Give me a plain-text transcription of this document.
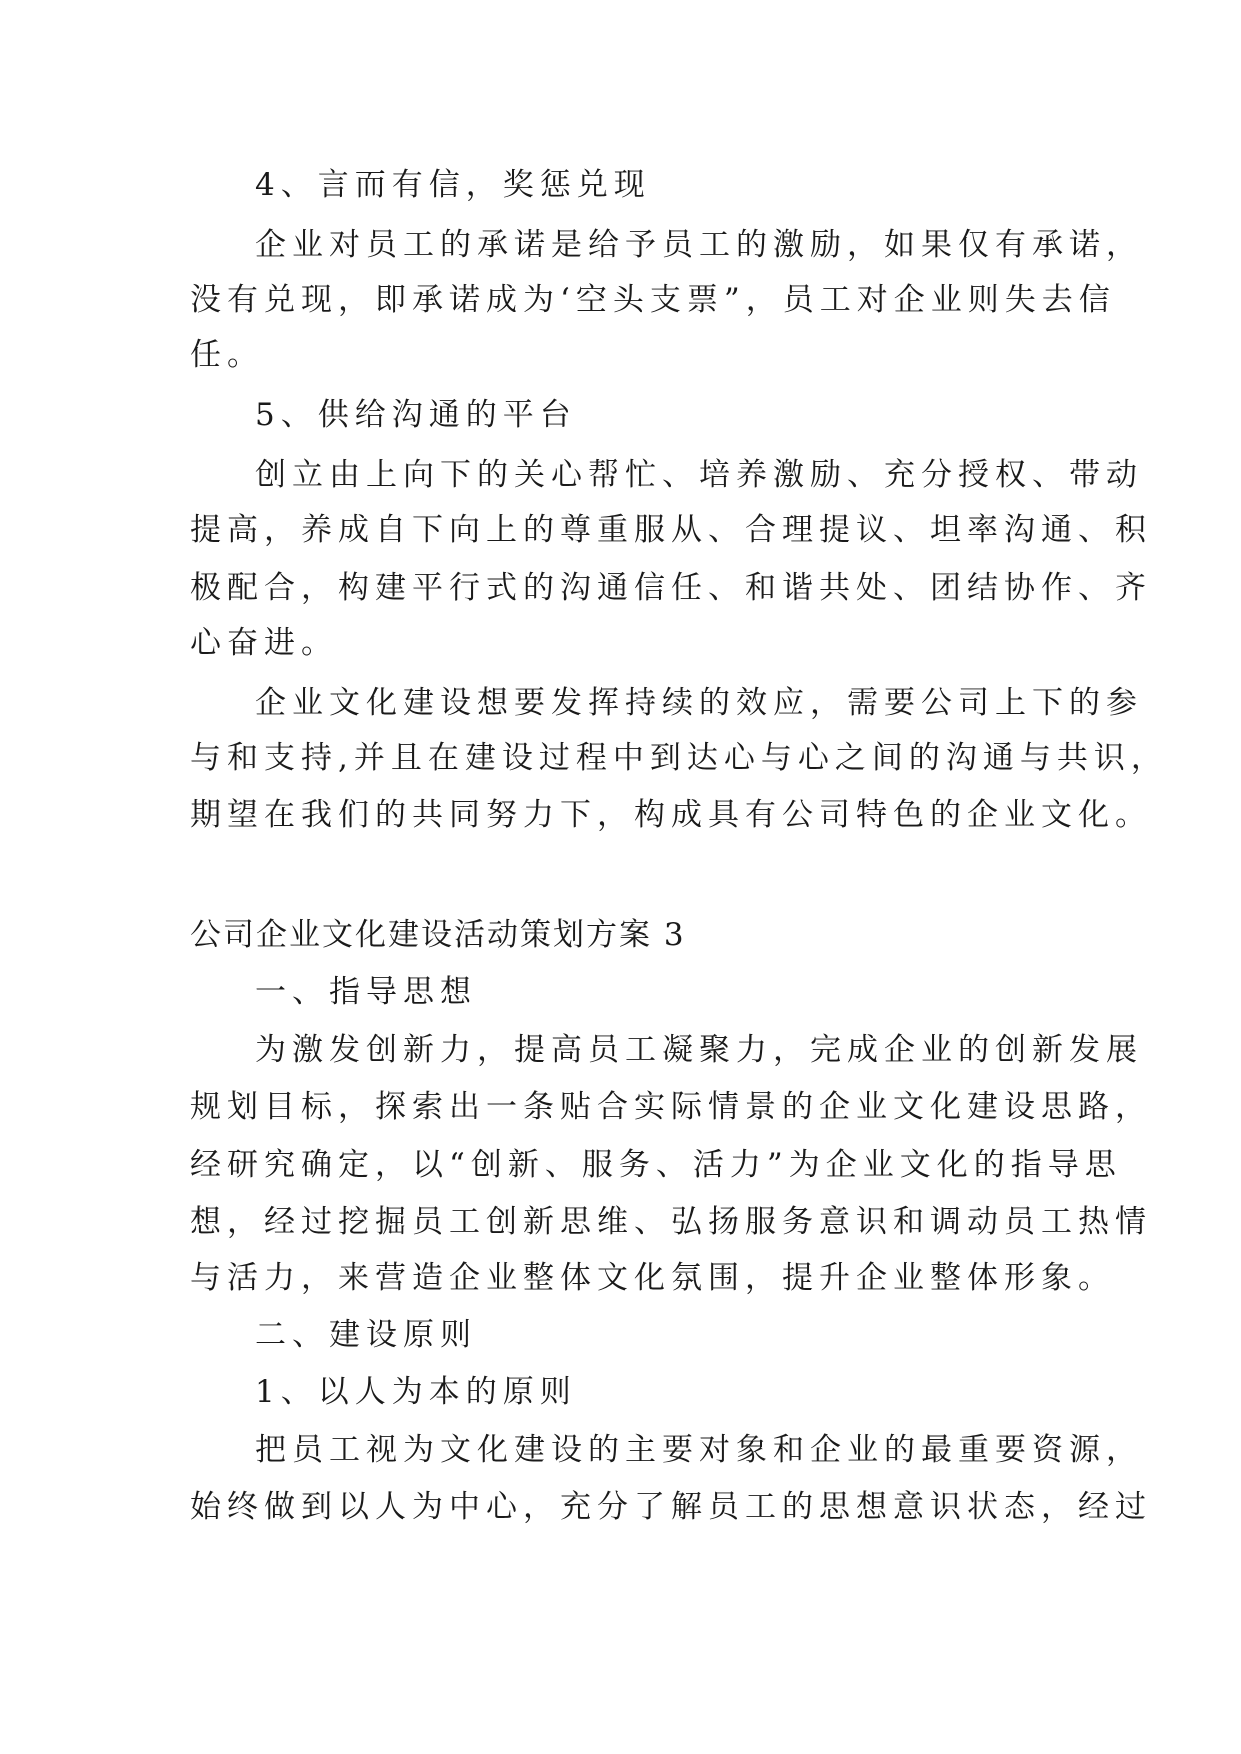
4、言而有信，奖惩兑现
企业对员工的承诺是给予员工的激励，如果仅有承诺，
没有兑现，即承诺成为‘空头支票”，员工对企业则失去信
任。
5、供给沟通的平台
创立由上向下的关心帮忙、培养激励、充分授权、带动
提高，养成自下向上的尊重服从、合理提议、坦率沟通、积
极配合，构建平行式的沟通信任、和谐共处、团结协作、齐
心奋进。
企业文化建设想要发挥持续的效应，需要公司上下的参
与和支持,并且在建设过程中到达心与心之间的沟通与共识，
期望在我们的共同努力下，构成具有公司特色的企业文化。
公司企业文化建设活动策划方案 3
一、指导思想
为激发创新力，提高员工凝聚力，完成企业的创新发展
规划目标，探索出一条贴合实际情景的企业文化建设思路，
经研究确定，以“创新、服务、活力”为企业文化的指导思
想，经过挖掘员工创新思维、弘扬服务意识和调动员工热情
与活力，来营造企业整体文化氛围，提升企业整体形象。
二、建设原则
1、以人为本的原则
把员工视为文化建设的主要对象和企业的最重要资源，
始终做到以人为中心，充分了解员工的思想意识状态，经过
